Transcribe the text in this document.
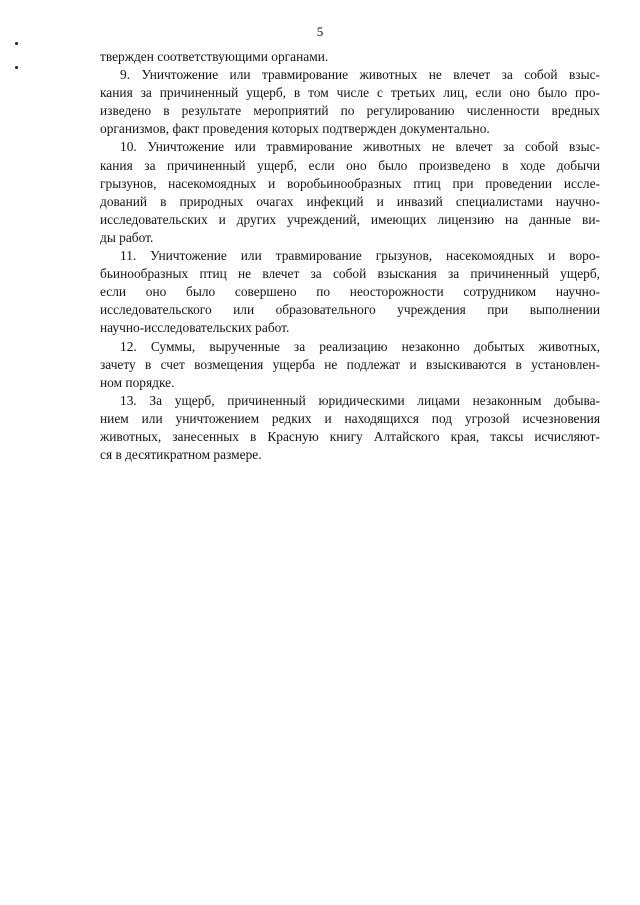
5
твержден соответствующими органами.
9. Уничтожение или травмирование животных не влечет за собой взыс-
кания за причиненный ущерб, в том числе с третьих лиц, если оно было про-
изведено в результате мероприятий по регулированию численности вредных
организмов, факт проведения которых подтвержден документально.
10. Уничтожение или травмирование животных не влечет за собой взыс-
кания за причиненный ущерб, если оно было произведено в ходе добычи
грызунов, насекомоядных и воробьинообразных птиц при проведении иссле-
дований в природных очагах инфекций и инвазий специалистами научно-
исследовательских и других учреждений, имеющих лицензию на данные ви-
ды работ.
11. Уничтожение или травмирование грызунов, насекомоядных и воро-
бьинообразных птиц не влечет за собой взыскания за причиненный ущерб,
если оно было совершено по неосторожности сотрудником научно-
исследовательского или образовательного учреждения при выполнении
научно-исследовательских работ.
12. Суммы, вырученные за реализацию незаконно добытых животных,
зачету в счет возмещения ущерба не подлежат и взыскиваются в установлен-
ном порядке.
13. За ущерб, причиненный юридическими лицами незаконным добыва-
нием или уничтожением редких и находящихся под угрозой исчезновения
животных, занесенных в Красную книгу Алтайского края, таксы исчисляют-
ся в десятикратном размере.
